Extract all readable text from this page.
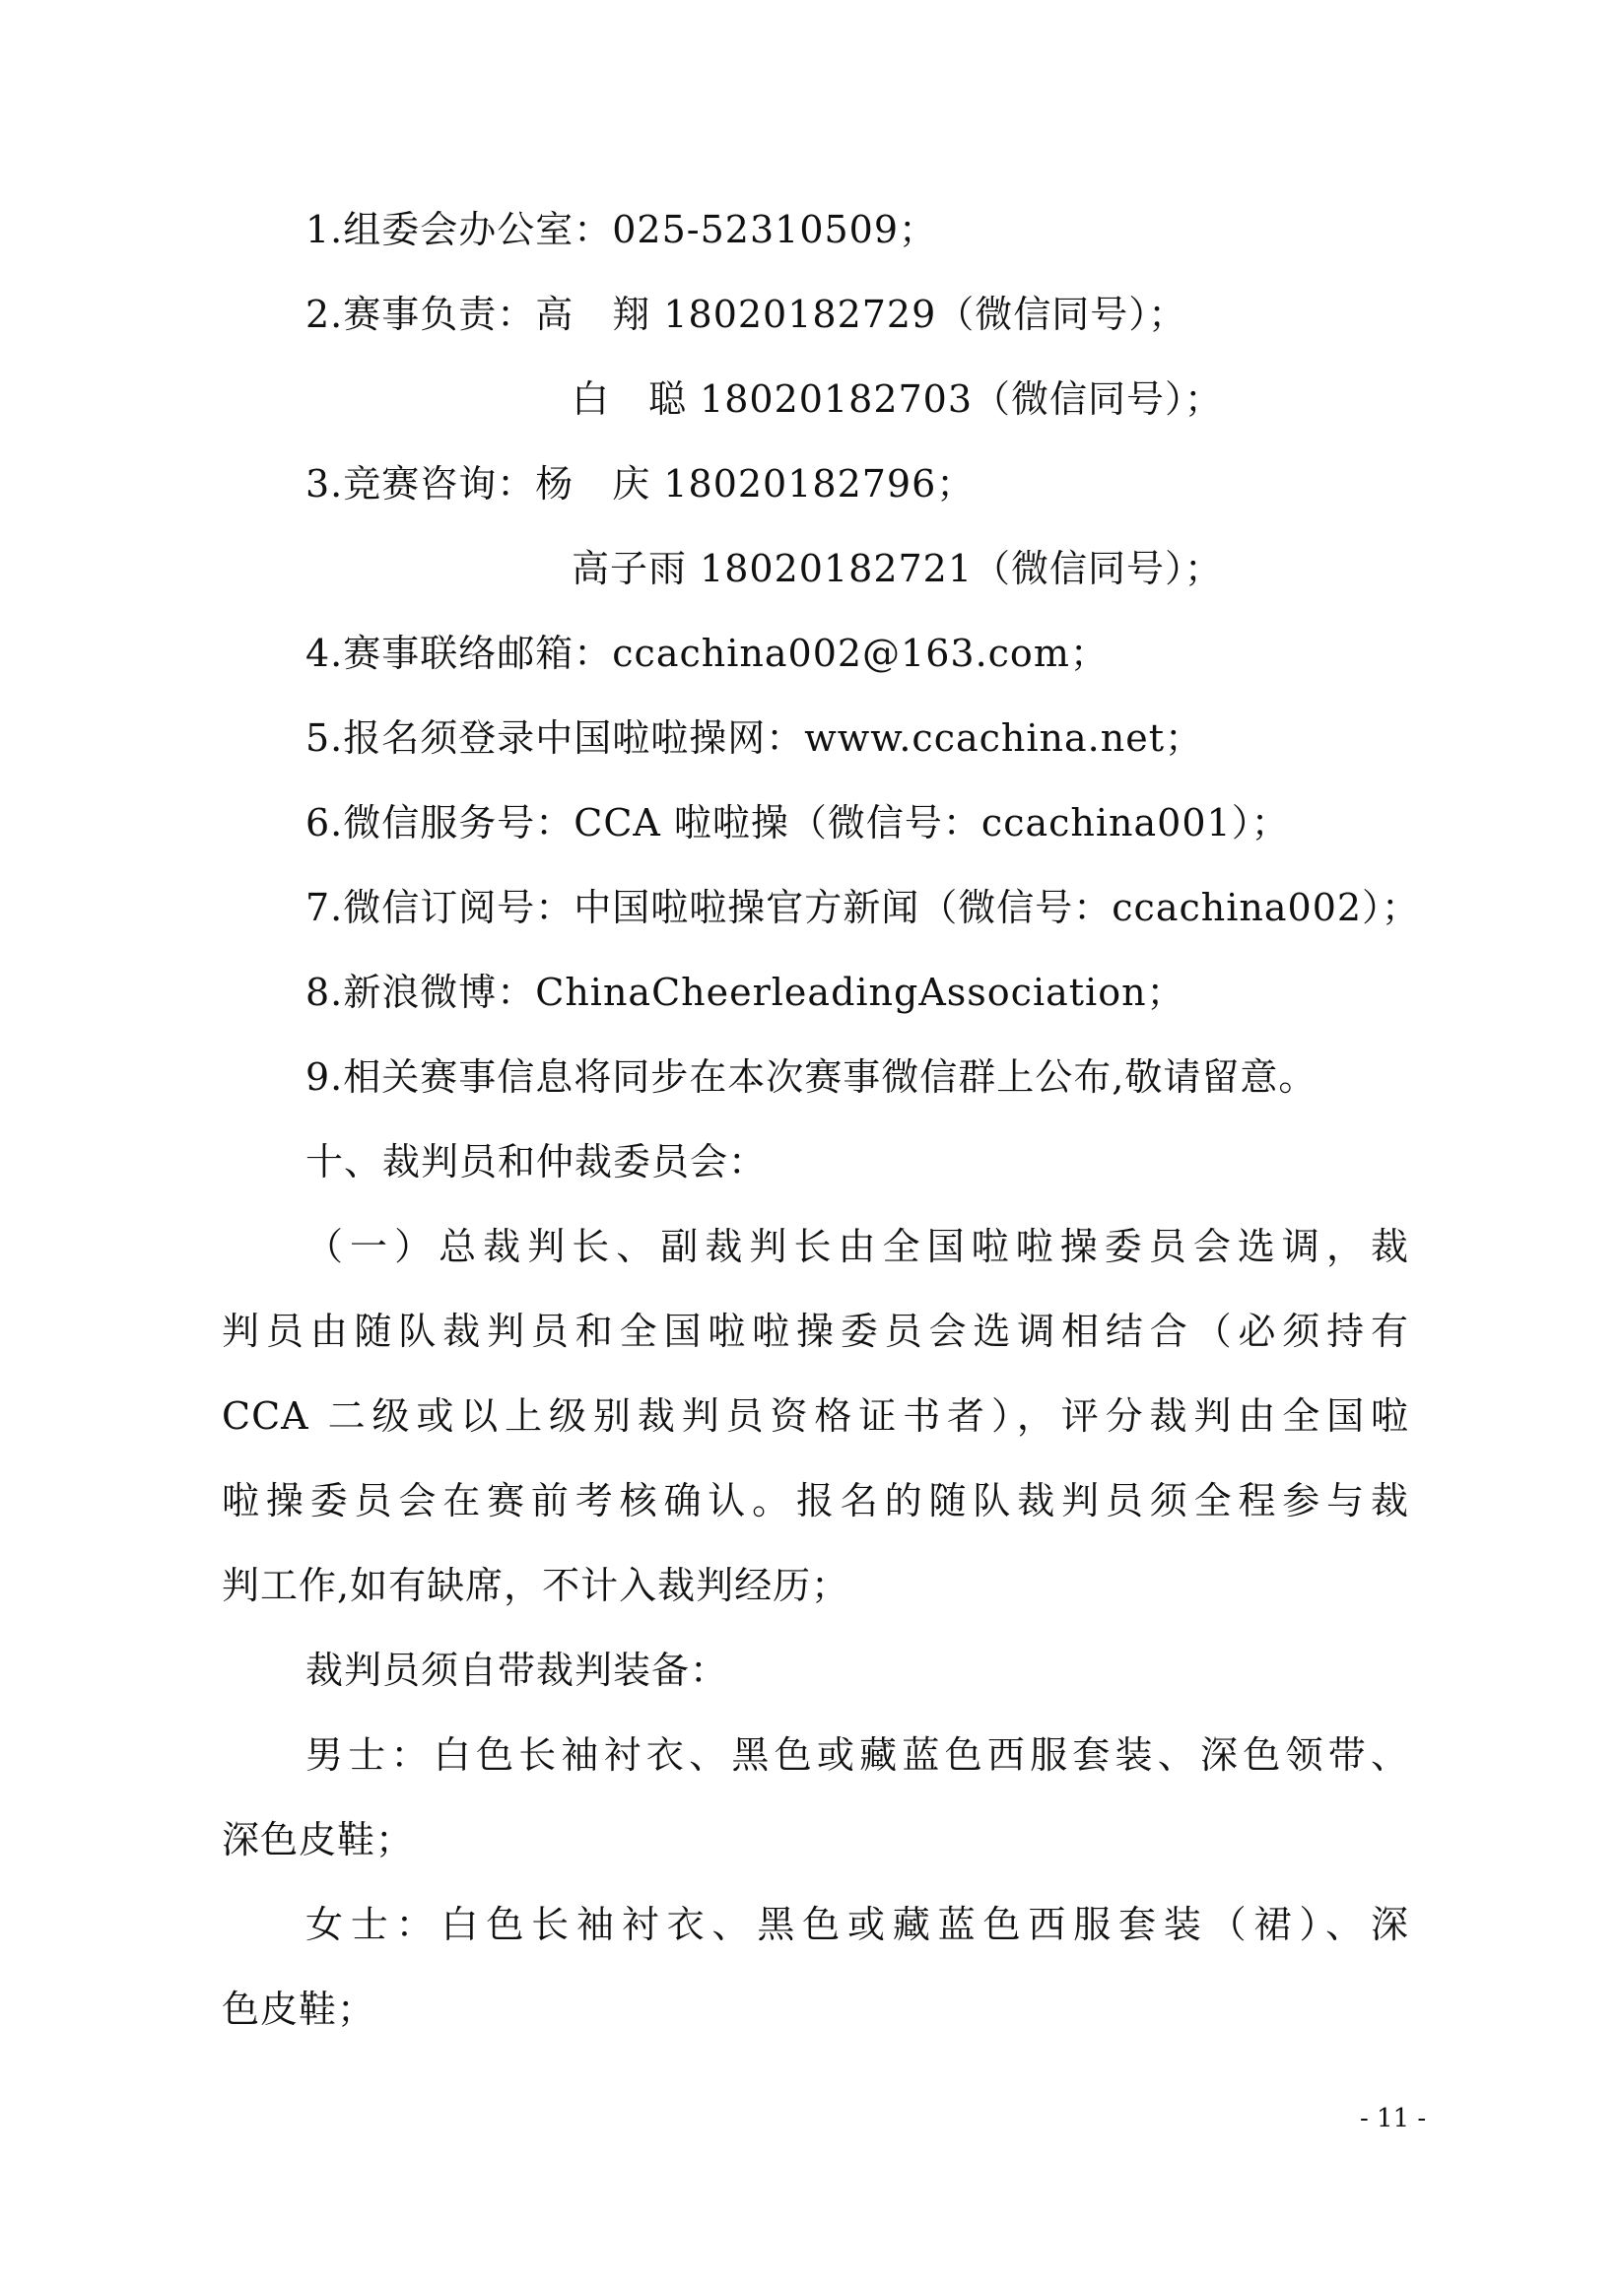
1.组委会办公室：025-52310509；
2.赛事负责：高　翔 18020182729（微信同号）；
白　聪 18020182703（微信同号）；
3.竞赛咨询：杨　庆 18020182796；
高子雨 18020182721（微信同号）；
4.赛事联络邮箱：ccachina002@163.com；
5.报名须登录中国啦啦操网：www.ccachina.net；
6.微信服务号：CCA 啦啦操（微信号：ccachina001）；
7.微信订阅号：中国啦啦操官方新闻（微信号：ccachina002）；
8.新浪微博：ChinaCheerleadingAssociation；
9.相关赛事信息将同步在本次赛事微信群上公布,敬请留意。
十、裁判员和仲裁委员会：
（一）总裁判长、副裁判长由全国啦啦操委员会选调，裁
判员由随队裁判员和全国啦啦操委员会选调相结合（必须持有
CCA 二级或以上级别裁判员资格证书者），评分裁判由全国啦
啦操委员会在赛前考核确认。报名的随队裁判员须全程参与裁
判工作,如有缺席，不计入裁判经历；
裁判员须自带裁判装备：
男士：白色长袖衬衣、黑色或藏蓝色西服套装、深色领带、
深色皮鞋；
女士：白色长袖衬衣、黑色或藏蓝色西服套装（裙）、深
色皮鞋；
- 11 -
